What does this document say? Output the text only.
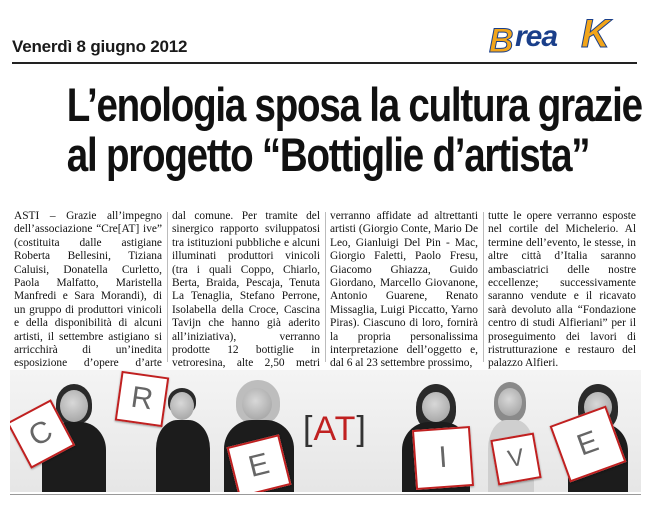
Venerdì 8 giugno 2012	B rea K
L’enologia sposa la cultura grazie
al progetto “Bottiglie d’artista”
ASTI – Grazie all’impegno dell’associazione “Cre[AT] ive” (costituita dalle astigiane Roberta Bellesini, Tiziana Caluisi, Donatella Curletto, Paola Malfatto, Maristella Manfredi e Sara Morandi), di un gruppo di produttori vinicoli e della disponibilità di alcuni artisti, il settembre astigiano si arricchirà di un’inedita esposizione d’opere d’arte
dal comune. Per tramite del sinergico rapporto sviluppatosi tra istituzioni pubbliche e alcuni illuminati produttori vinicoli (tra i quali Coppo, Chiarlo, Berta, Braida, Pescaja, Tenuta La Tenaglia, Stefano Perrone, Isolabella della Croce, Cascina Tavijn che hanno già aderito all’iniziativa), verranno prodotte 12 bottiglie in vetroresina, alte 2,50 metri
verranno affidate ad altrettanti artisti (Giorgio Conte, Mario De Leo, Gianluigi Del Pin - Mac, Giorgio Faletti, Paolo Fresu, Giacomo Ghiazza, Guido Giordano, Marcello Giovanone, Antonio Guarene, Renato Missaglia, Luigi Piccatto, Yarno Piras). Ciascuno di loro, fornirà la propria personalissima interpretazione dell’oggetto e, dal 6 al 23 settembre prossimo,
tutte le opere verranno esposte nel cortile del Michelerio. Al termine dell’evento, le stesse, in altre città d’Italia saranno ambasciatrici delle nostre eccellenze; successivamente saranno vendute e il ricavato sarà devoluto alla “Fondazione centro di studi Alfieriani” per il proseguimento dei lavori di ristrutturazione e restauro del palazzo Alfieri.
C
R
E
[AT]
I	V	E
